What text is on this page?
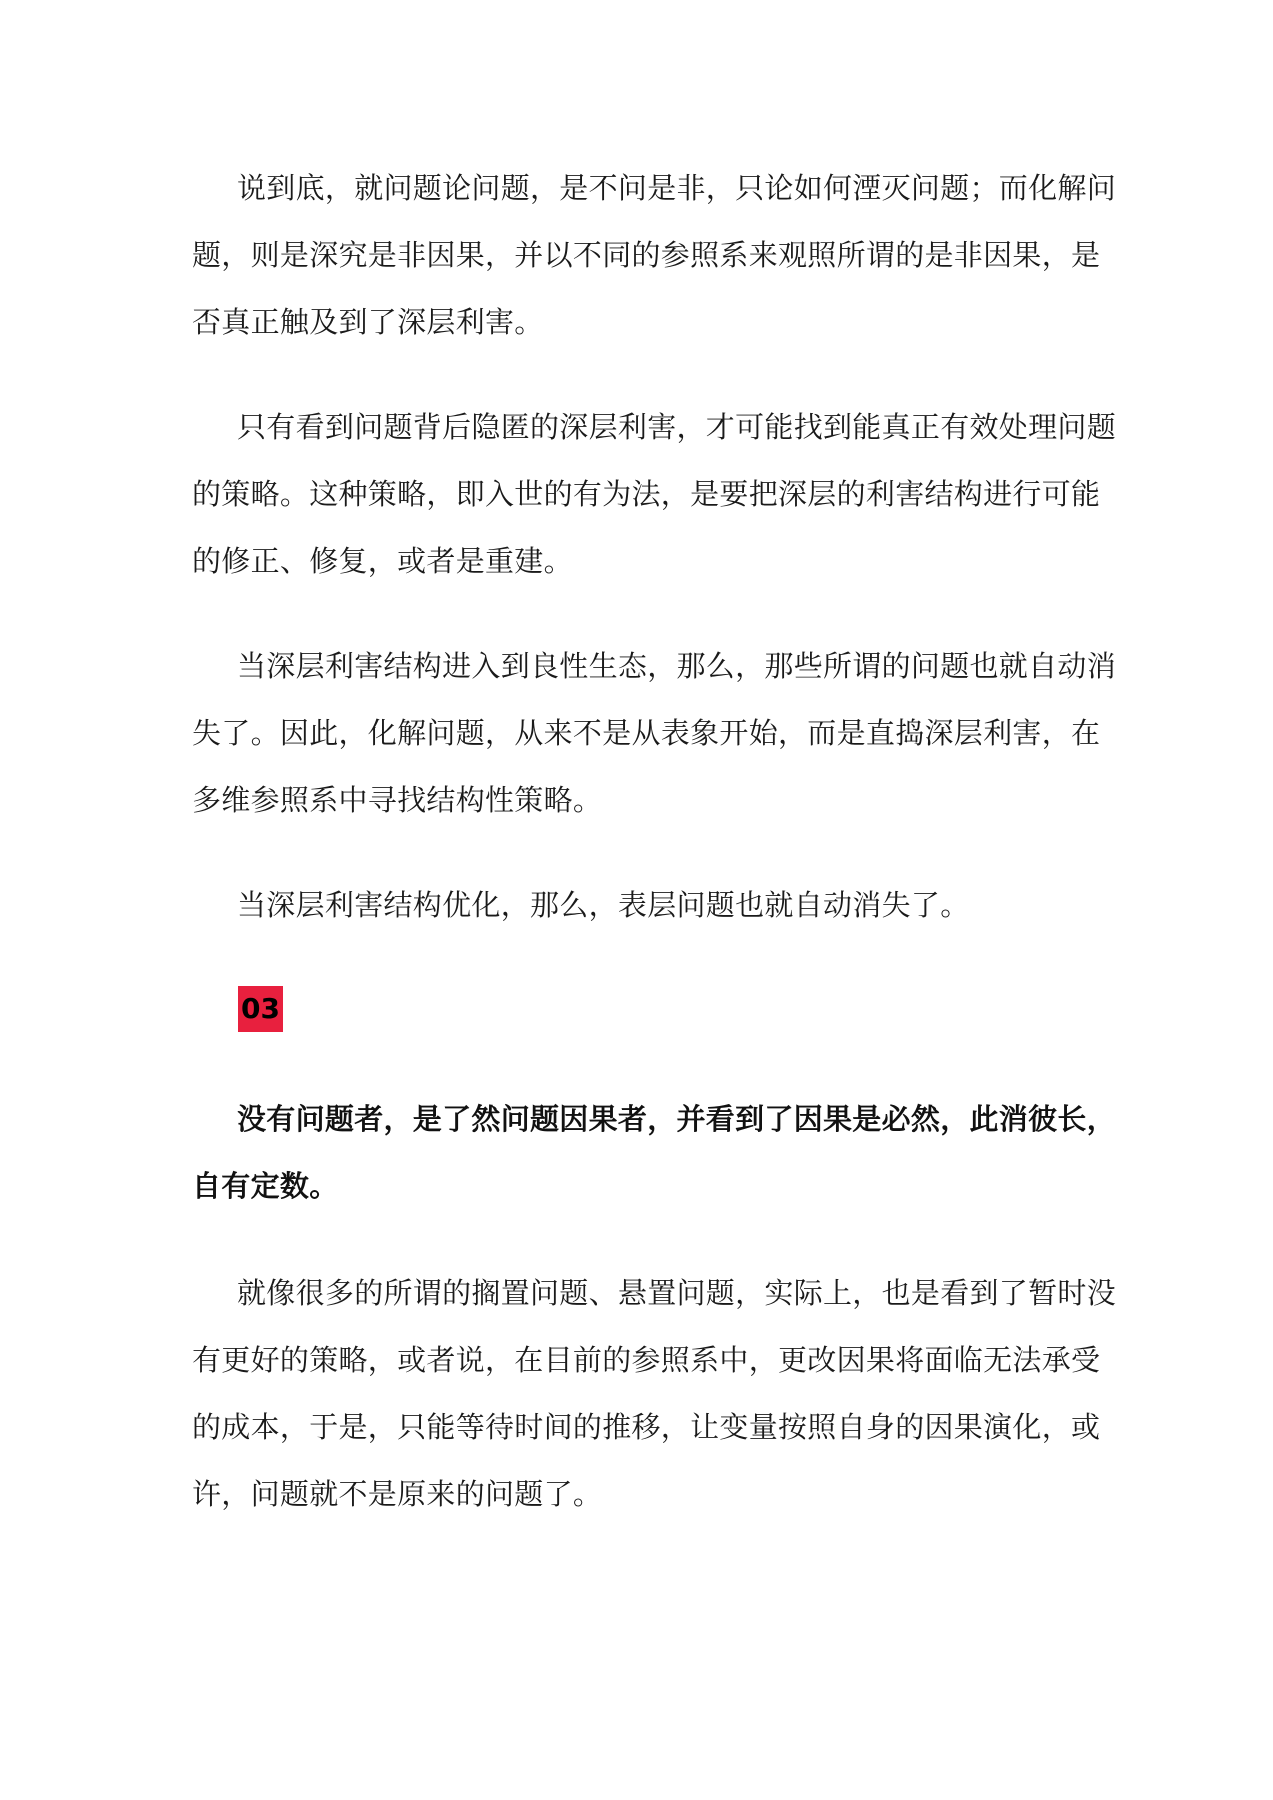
说到底，就问题论问题，是不问是非，只论如何湮灭问题；而化解问
题，则是深究是非因果，并以不同的参照系来观照所谓的是非因果，是
否真正触及到了深层利害。
只有看到问题背后隐匿的深层利害，才可能找到能真正有效处理问题
的策略。这种策略，即入世的有为法，是要把深层的利害结构进行可能
的修正、修复，或者是重建。
当深层利害结构进入到良性生态，那么，那些所谓的问题也就自动消
失了。因此，化解问题，从来不是从表象开始，而是直捣深层利害，在
多维参照系中寻找结构性策略。
当深层利害结构优化，那么，表层问题也就自动消失了。
03
没有问题者，是了然问题因果者，并看到了因果是必然，此消彼长，
自有定数。
就像很多的所谓的搁置问题、悬置问题，实际上，也是看到了暂时没
有更好的策略，或者说，在目前的参照系中，更改因果将面临无法承受
的成本，于是，只能等待时间的推移，让变量按照自身的因果演化，或
许，问题就不是原来的问题了。
